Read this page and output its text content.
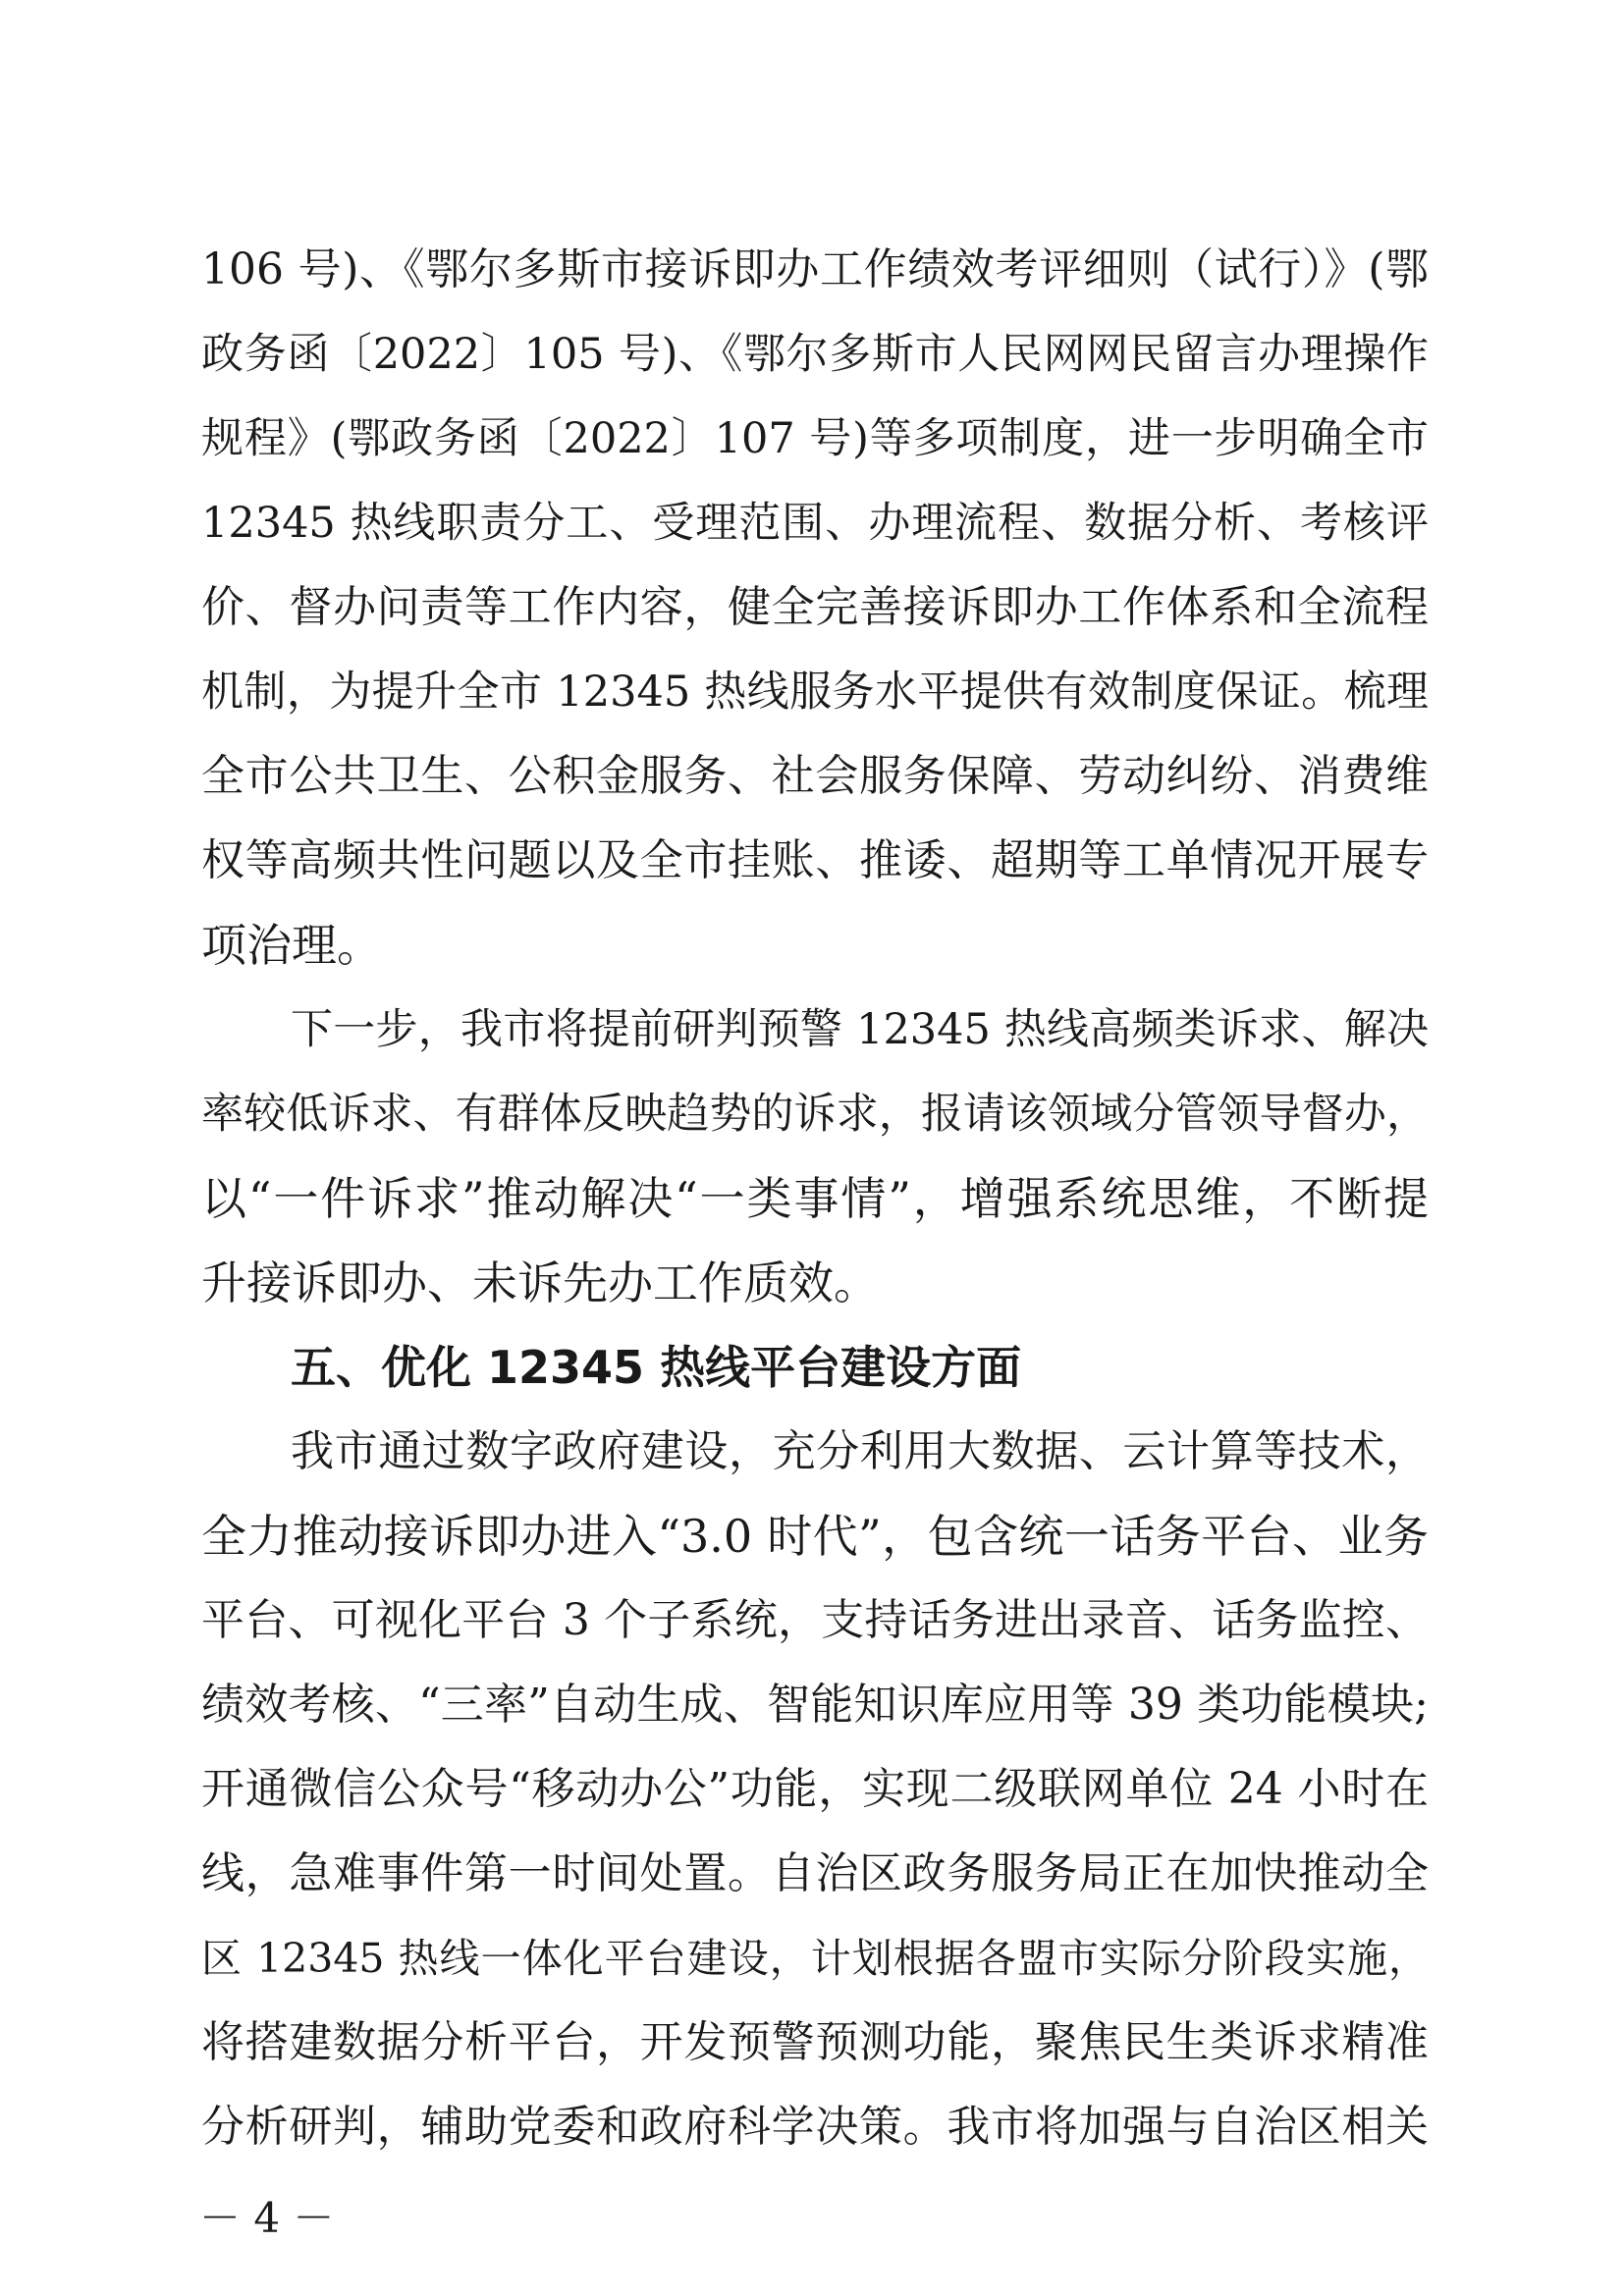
106 号)、《鄂尔多斯市接诉即办工作绩效考评细则（试行）》(鄂
政务函〔2022〕105 号)、《鄂尔多斯市人民网网民留言办理操作
规程》(鄂政务函〔2022〕107 号)等多项制度，进一步明确全市
12345 热线职责分工、受理范围、办理流程、数据分析、考核评
价、督办问责等工作内容，健全完善接诉即办工作体系和全流程
机制，为提升全市 12345 热线服务水平提供有效制度保证。梳理
全市公共卫生、公积金服务、社会服务保障、劳动纠纷、消费维
权等高频共性问题以及全市挂账、推诿、超期等工单情况开展专
项治理。
下一步，我市将提前研判预警 12345 热线高频类诉求、解决
率较低诉求、有群体反映趋势的诉求，报请该领域分管领导督办，
以“一件诉求”推动解决“一类事情”，增强系统思维，不断提
升接诉即办、未诉先办工作质效。
五、优化 12345 热线平台建设方面
我市通过数字政府建设，充分利用大数据、云计算等技术，
全力推动接诉即办进入“3.0 时代”，包含统一话务平台、业务
平台、可视化平台 3 个子系统，支持话务进出录音、话务监控、
绩效考核、“三率”自动生成、智能知识库应用等 39 类功能模块;
开通微信公众号“移动办公”功能，实现二级联网单位 24 小时在
线，急难事件第一时间处置。自治区政务服务局正在加快推动全
区 12345 热线一体化平台建设，计划根据各盟市实际分阶段实施，
将搭建数据分析平台，开发预警预测功能，聚焦民生类诉求精准
分析研判，辅助党委和政府科学决策。我市将加强与自治区相关
－ 4 －
